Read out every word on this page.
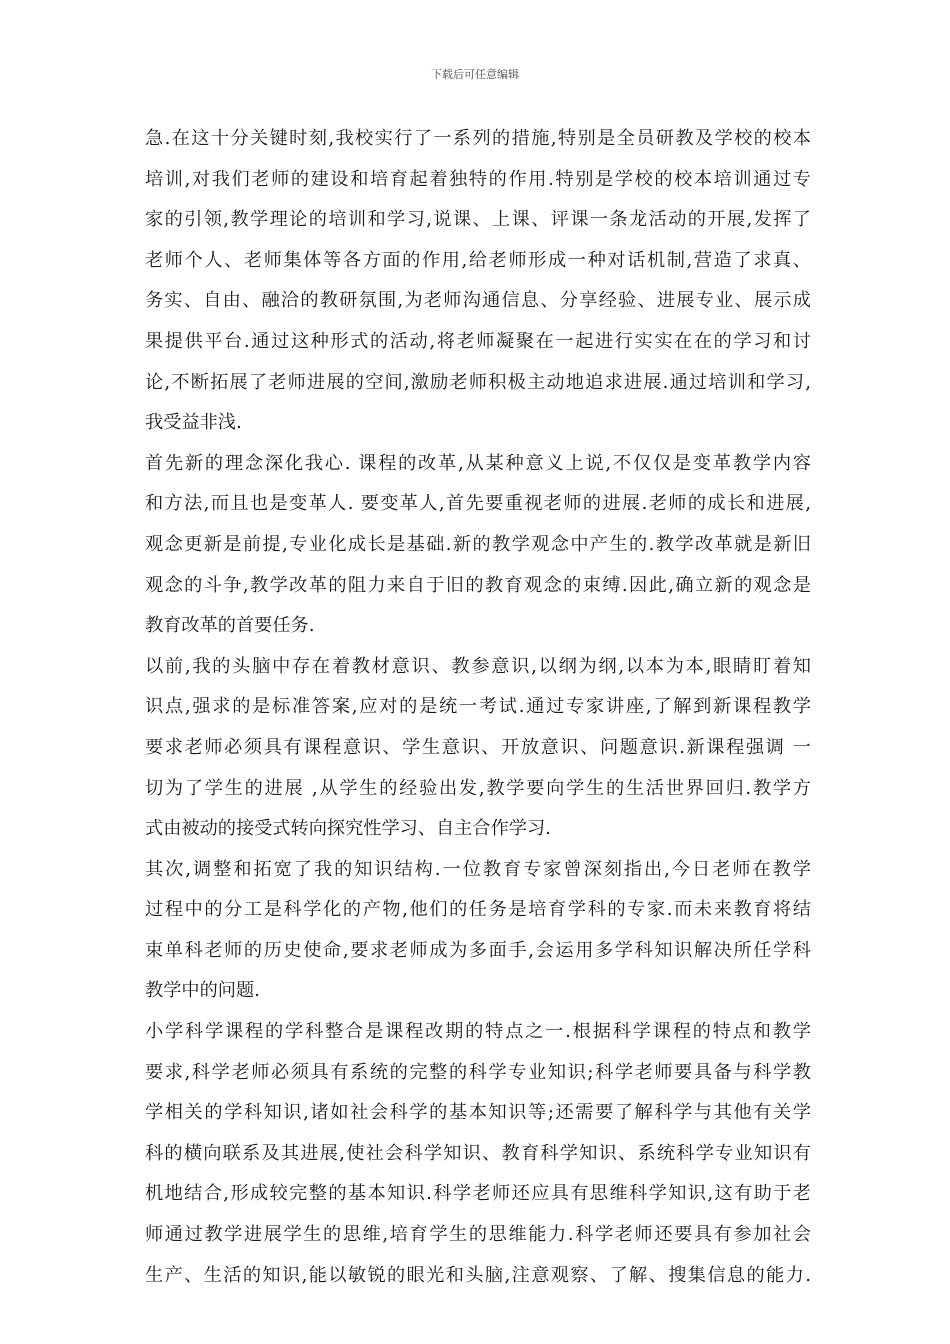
下载后可任意编辑
急.在这十分关键时刻,我校实行了一系列的措施,特别是全员研教及学校的校本
培训,对我们老师的建设和培育起着独特的作用.特别是学校的校本培训通过专
家的引领,教学理论的培训和学习,说课、上课、评课一条龙活动的开展,发挥了
老师个人、老师集体等各方面的作用,给老师形成一种对话机制,营造了求真、
务实、自由、融洽的教研氛围,为老师沟通信息、分享经验、进展专业、展示成
果提供平台.通过这种形式的活动,将老师凝聚在一起进行实实在在的学习和讨
论,不断拓展了老师进展的空间,激励老师积极主动地追求进展.通过培训和学习,
我受益非浅.
首先新的理念深化我心. 课程的改革,从某种意义上说,不仅仅是变革教学内容
和方法,而且也是变革人. 要变革人,首先要重视老师的进展.老师的成长和进展,
观念更新是前提,专业化成长是基础.新的教学观念中产生的.教学改革就是新旧
观念的斗争,教学改革的阻力来自于旧的教育观念的束缚.因此,确立新的观念是
教育改革的首要任务.
以前,我的头脑中存在着教材意识、教参意识,以纲为纲,以本为本,眼睛盯着知
识点,强求的是标准答案,应对的是统一考试.通过专家讲座,了解到新课程教学
要求老师必须具有课程意识、学生意识、开放意识、问题意识.新课程强调 一
切为了学生的进展 ,从学生的经验出发,教学要向学生的生活世界回归.教学方
式由被动的接受式转向探究性学习、自主合作学习.
其次,调整和拓宽了我的知识结构.一位教育专家曾深刻指出,今日老师在教学
过程中的分工是科学化的产物,他们的任务是培育学科的专家.而未来教育将结
束单科老师的历史使命,要求老师成为多面手,会运用多学科知识解决所任学科
教学中的问题.
小学科学课程的学科整合是课程改期的特点之一.根据科学课程的特点和教学
要求,科学老师必须具有系统的完整的科学专业知识;科学老师要具备与科学教
学相关的学科知识,诸如社会科学的基本知识等;还需要了解科学与其他有关学
科的横向联系及其进展,使社会科学知识、教育科学知识、系统科学专业知识有
机地结合,形成较完整的基本知识.科学老师还应具有思维科学知识,这有助于老
师通过教学进展学生的思维,培育学生的思维能力.科学老师还要具有参加社会
生产、生活的知识,能以敏锐的眼光和头脑,注意观察、了解、搜集信息的能力.
